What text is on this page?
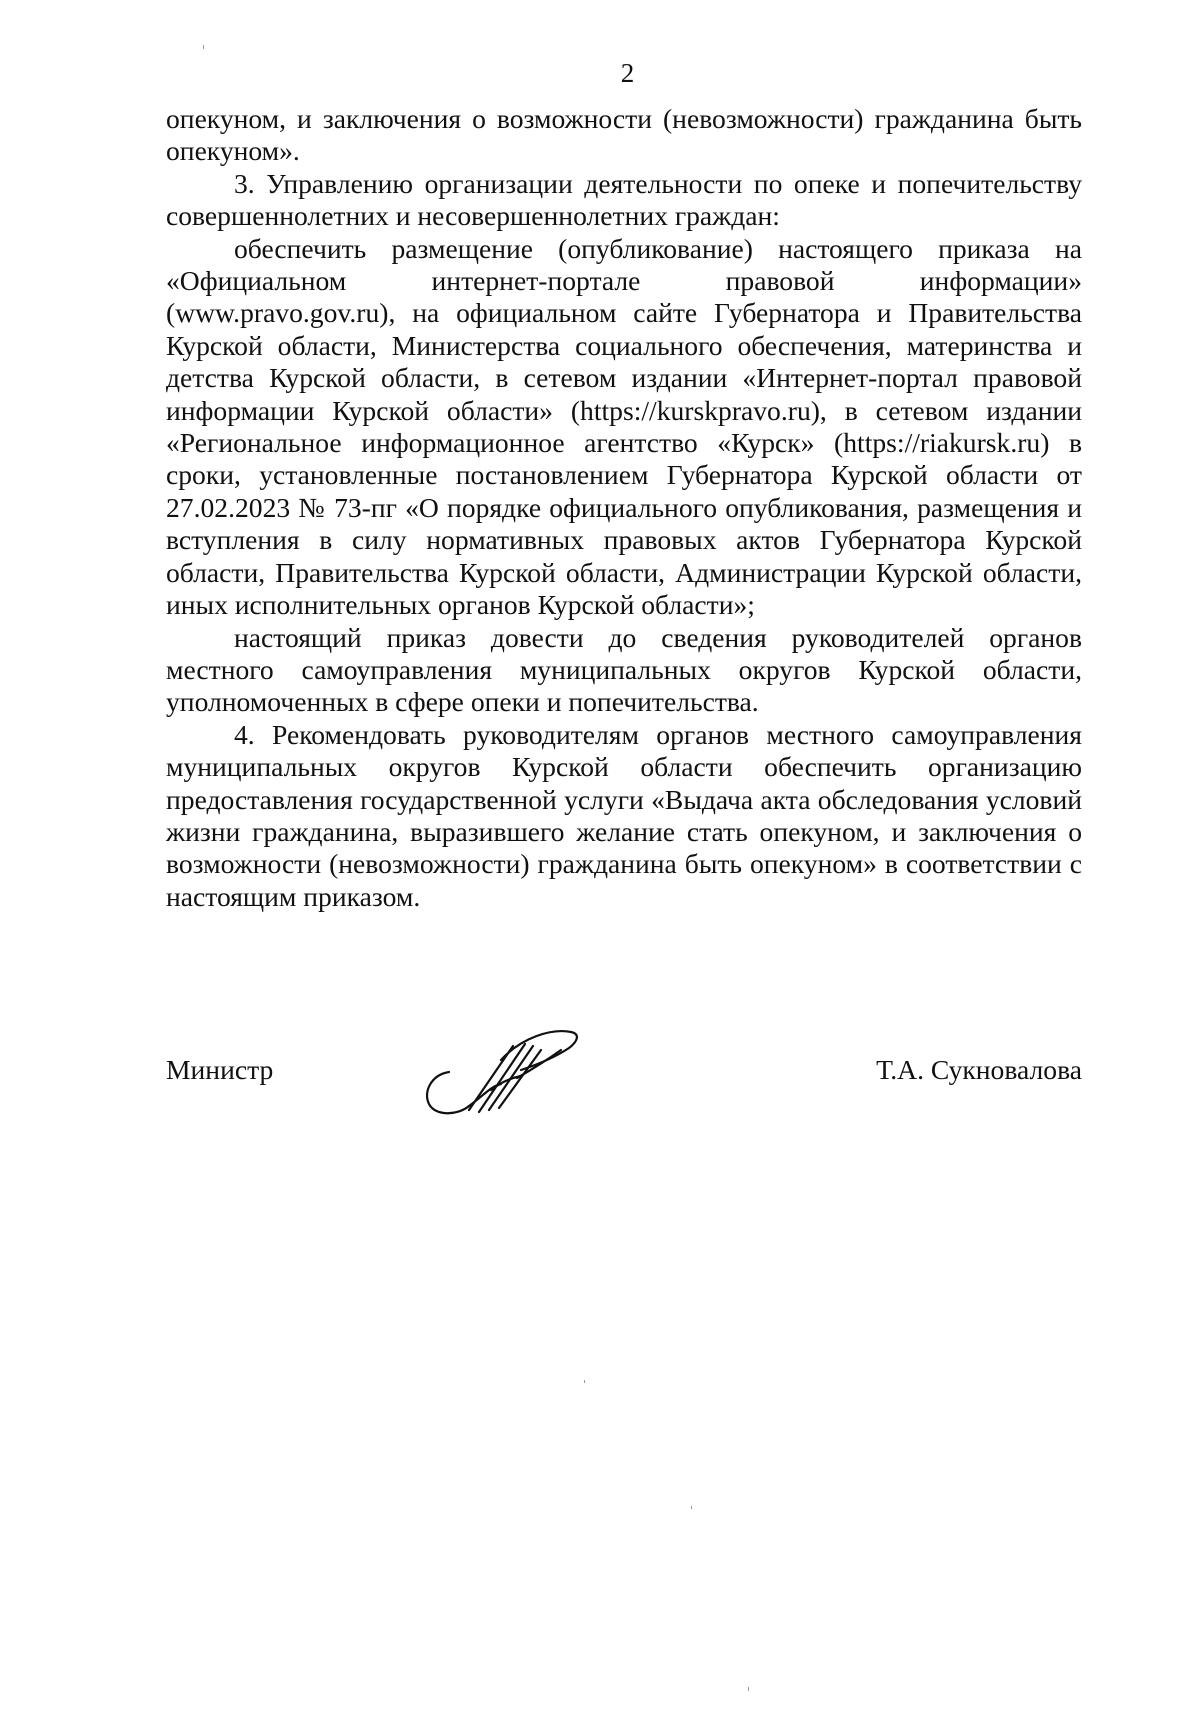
2

опекуном, и заключения о возможности (невозможности) гражданина быть опекуном».

3. Управлению организации деятельности по опеке и попечительству совершеннолетних и несовершеннолетних граждан:

обеспечить размещение (опубликование) настоящего приказа на «Официальном интернет-портале правовой информации» (www.pravo.gov.ru), на официальном сайте Губернатора и Правительства Курской области, Министерства социального обеспечения, материнства и детства Курской области, в сетевом издании «Интернет-портал правовой информации Курской области» (https://kurskpravo.ru), в сетевом издании «Региональное информационное агентство «Курск» (https://riakursk.ru) в сроки, установленные постановлением Губернатора Курской области от 27.02.2023 № 73-пг «О порядке официального опубликования, размещения и вступления в силу нормативных правовых актов Губернатора Курской области, Правительства Курской области, Администрации Курской области, иных исполнительных органов Курской области»;

настоящий приказ довести до сведения руководителей органов местного самоуправления муниципальных округов Курской области, уполномоченных в сфере опеки и попечительства.

4. Рекомендовать руководителям органов местного самоуправления муниципальных округов Курской области обеспечить организацию предоставления государственной услуги «Выдача акта обследования условий жизни гражданина, выразившего желание стать опекуном, и заключения о возможности (невозможности) гражданина быть опекуном» в соответствии с настоящим приказом.

Министр	Т.А. Сукновалова
